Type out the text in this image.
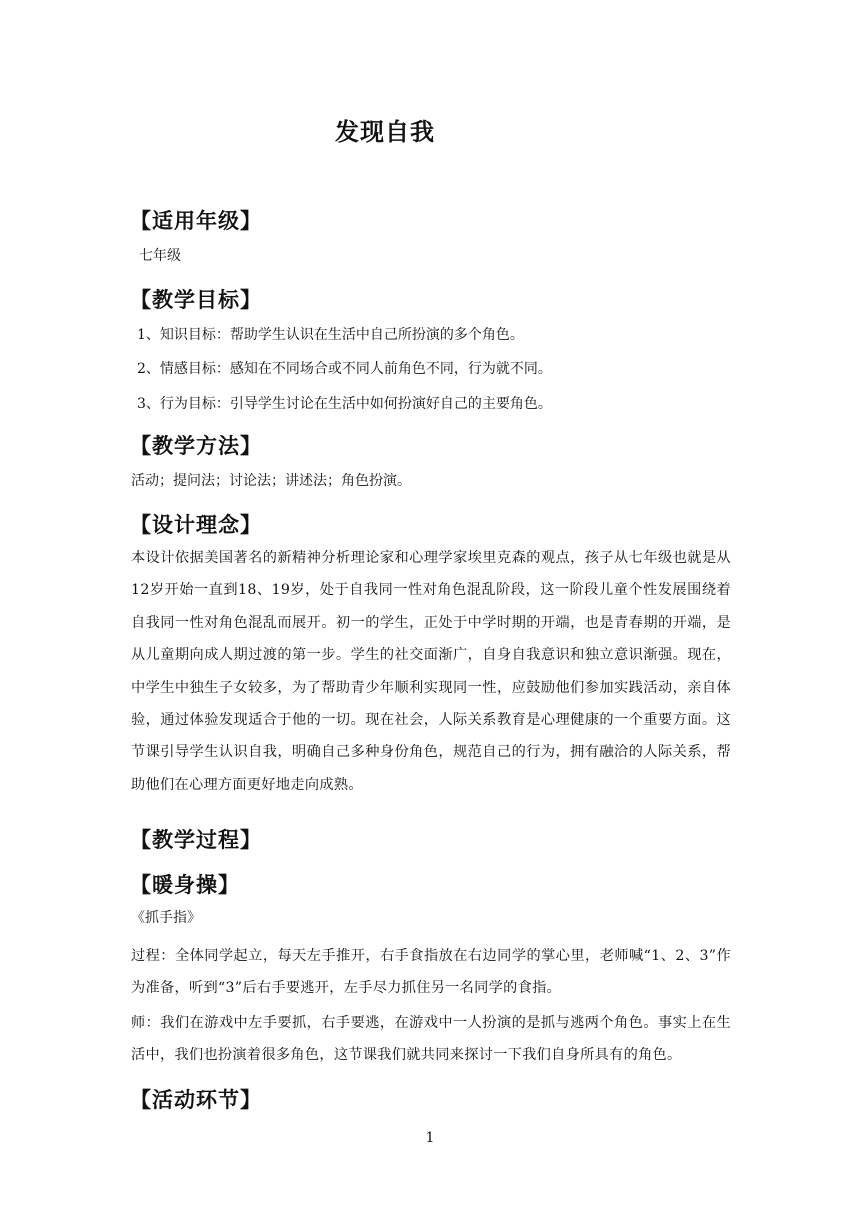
发现自我
【适用年级】
七年级
【教学目标】
1、知识目标：帮助学生认识在生活中自己所扮演的多个角色。
2、情感目标：感知在不同场合或不同人前角色不同，行为就不同。
3、行为目标：引导学生讨论在生活中如何扮演好自己的主要角色。
【教学方法】
活动；提问法；讨论法；讲述法；角色扮演。
【设计理念】
本设计依据美国著名的新精神分析理论家和心理学家埃里克森的观点，孩子从七年级也就是从12岁开始一直到18、19岁，处于自我同一性对角色混乱阶段，这一阶段儿童个性发展围绕着自我同一性对角色混乱而展开。初一的学生，正处于中学时期的开端，也是青春期的开端，是从儿童期向成人期过渡的第一步。学生的社交面渐广，自身自我意识和独立意识渐强。现在，中学生中独生子女较多，为了帮助青少年顺利实现同一性，应鼓励他们参加实践活动，亲自体验，通过体验发现适合于他的一切。现在社会，人际关系教育是心理健康的一个重要方面。这节课引导学生认识自我，明确自己多种身份角色，规范自己的行为，拥有融洽的人际关系，帮助他们在心理方面更好地走向成熟。
【教学过程】
【暖身操】
《抓手指》
过程：全体同学起立，每天左手推开，右手食指放在右边同学的掌心里，老师喊“1、2、3”作为准备，听到“3”后右手要逃开，左手尽力抓住另一名同学的食指。
师：我们在游戏中左手要抓，右手要逃，在游戏中一人扮演的是抓与逃两个角色。事实上在生活中，我们也扮演着很多角色，这节课我们就共同来探讨一下我们自身所具有的角色。
【活动环节】
1
